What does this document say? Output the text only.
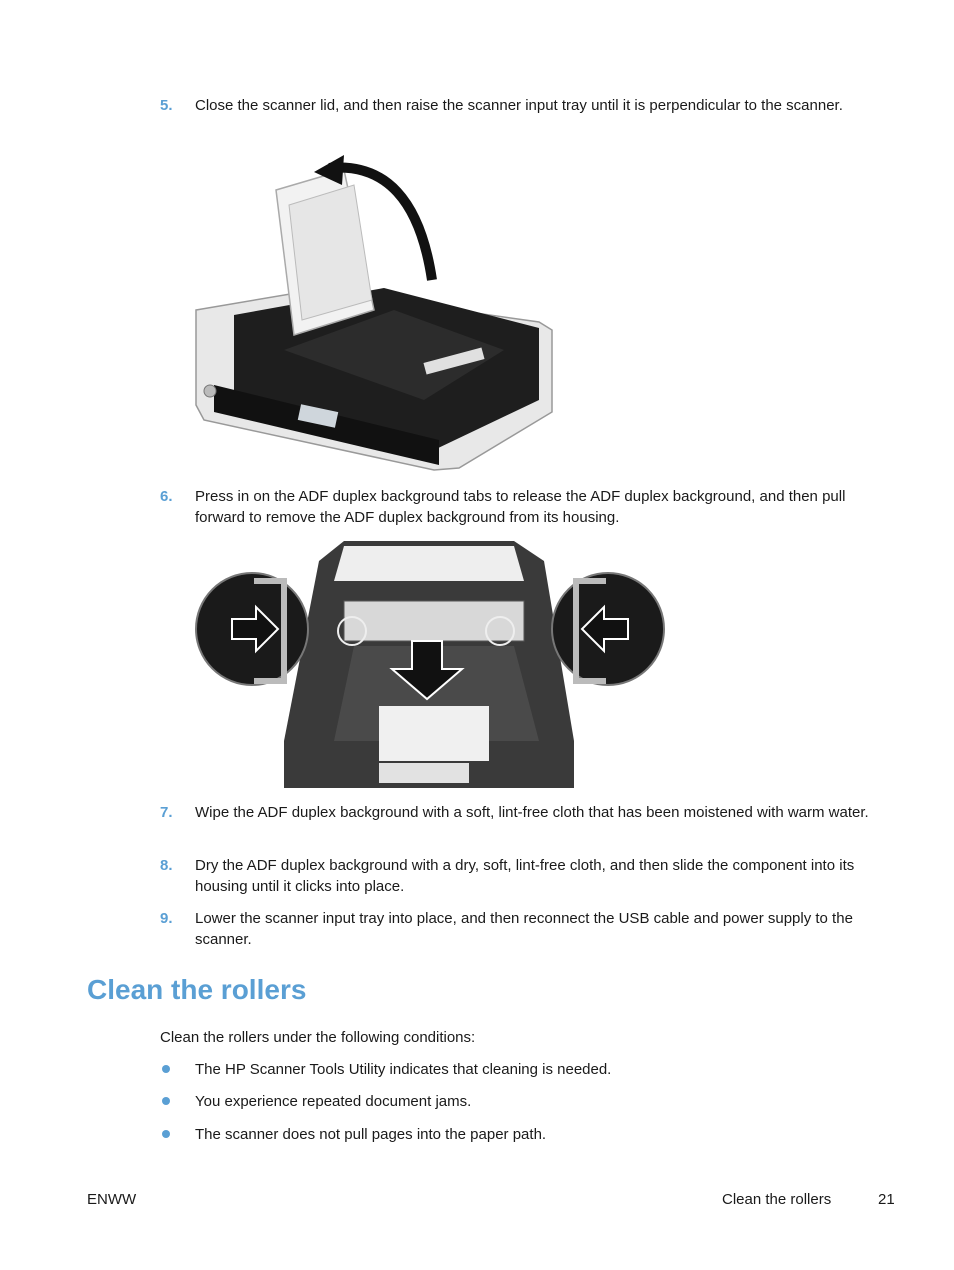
5. Close the scanner lid, and then raise the scanner input tray until it is perpendicular to the scanner.
6. Press in on the ADF duplex background tabs to release the ADF duplex background, and then pull forward to remove the ADF duplex background from its housing.
7. Wipe the ADF duplex background with a soft, lint-free cloth that has been moistened with warm water.
8. Dry the ADF duplex background with a dry, soft, lint-free cloth, and then slide the component into its housing until it clicks into place.
9. Lower the scanner input tray into place, and then reconnect the USB cable and power supply to the scanner.
Clean the rollers
Clean the rollers under the following conditions:
The HP Scanner Tools Utility indicates that cleaning is needed.
You experience repeated document jams.
The scanner does not pull pages into the paper path.
ENWW	Clean the rollers	21
